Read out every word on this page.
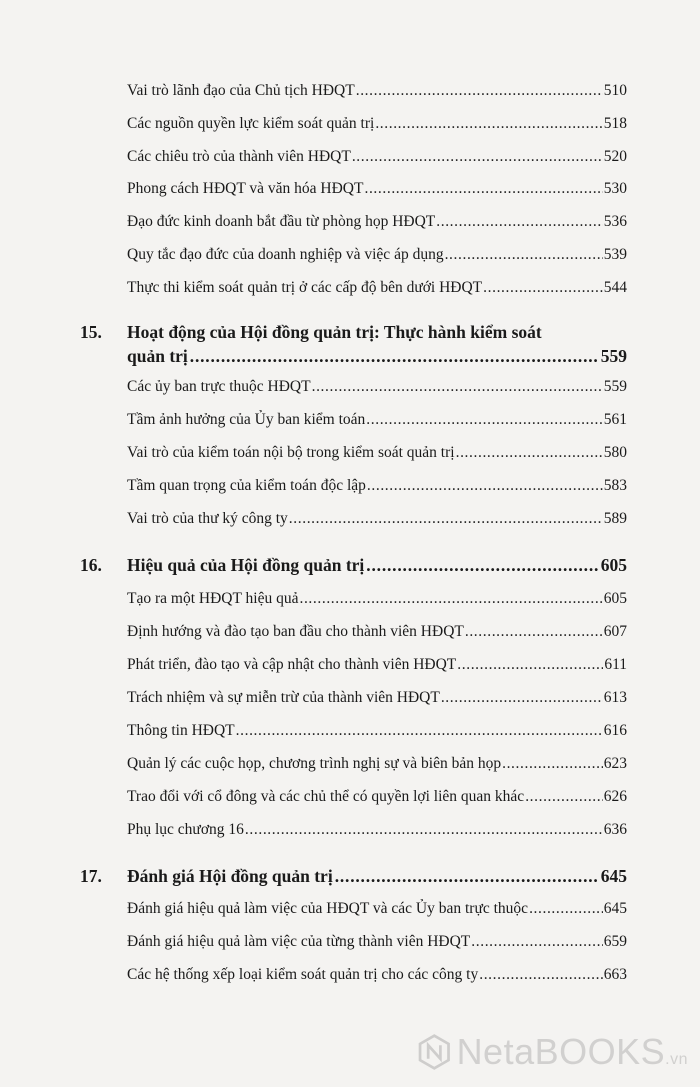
Vai trò lãnh đạo của Chủ tịch HĐQT .....	510
Các nguồn quyền lực kiểm soát quản trị .....	518
Các chiêu trò của thành viên HĐQT .....	520
Phong cách HĐQT và văn hóa HĐQT .....	530
Đạo đức kinh doanh bắt đầu từ phòng họp HĐQT .....	536
Quy tắc đạo đức của doanh nghiệp và việc áp dụng .....	539
Thực thi kiểm soát quản trị ở các cấp độ bên dưới HĐQT .....	544
15. Hoạt động của Hội đồng quản trị: Thực hành kiểm soát
quản trị .....	559
Các ủy ban trực thuộc HĐQT .....	559
Tầm ảnh hưởng của Ủy ban kiểm toán .....	561
Vai trò của kiểm toán nội bộ trong kiểm soát quản trị .....	580
Tầm quan trọng của kiểm toán độc lập .....	583
Vai trò của thư ký công ty .....	589
16. Hiệu quả của Hội đồng quản trị .....	605
Tạo ra một HĐQT hiệu quả .....	605
Định hướng và đào tạo ban đầu cho thành viên HĐQT .....	607
Phát triển, đào tạo và cập nhật cho thành viên HĐQT .....	611
Trách nhiệm và sự miễn trừ của thành viên HĐQT .....	613
Thông tin HĐQT .....	616
Quản lý các cuộc họp, chương trình nghị sự và biên bản họp .....	623
Trao đổi với cổ đông và các chủ thể có quyền lợi liên quan khác .....	626
Phụ lục chương 16 .....	636
17. Đánh giá Hội đồng quản trị .....	645
Đánh giá hiệu quả làm việc của HĐQT và các Ủy ban trực thuộc .....	645
Đánh giá hiệu quả làm việc của từng thành viên HĐQT .....	659
Các hệ thống xếp loại kiểm soát quản trị cho các công ty .....	663
NetaBOOKS.vn
